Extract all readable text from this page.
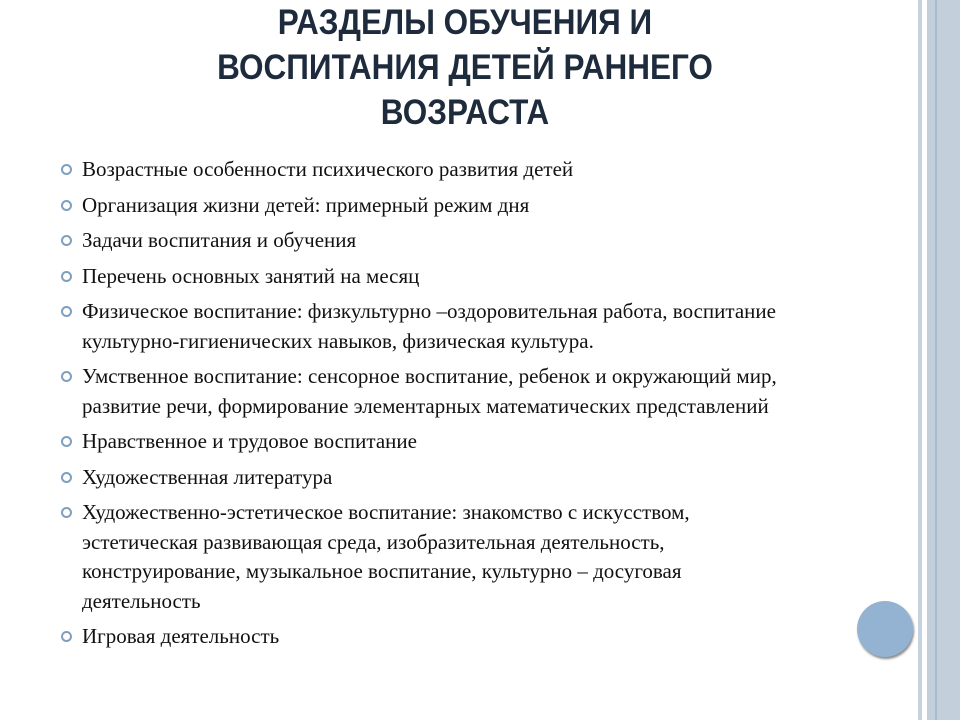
РАЗДЕЛЫ ОБУЧЕНИЯ И
ВОСПИТАНИЯ ДЕТЕЙ РАННЕГО
ВОЗРАСТА
Возрастные особенности психического развития детей
Организация жизни детей: примерный режим дня
Задачи воспитания и обучения
Перечень основных занятий на месяц
Физическое воспитание: физкультурно –оздоровительная работа, воспитание
культурно-гигиенических навыков, физическая культура.
Умственное воспитание: сенсорное воспитание, ребенок и окружающий мир,
развитие речи, формирование элементарных математических представлений
Нравственное и трудовое воспитание
Художественная литература
Художественно-эстетическое воспитание: знакомство с искусством,
эстетическая развивающая среда, изобразительная деятельность,
конструирование, музыкальное воспитание, культурно – досуговая
деятельность
Игровая деятельность
